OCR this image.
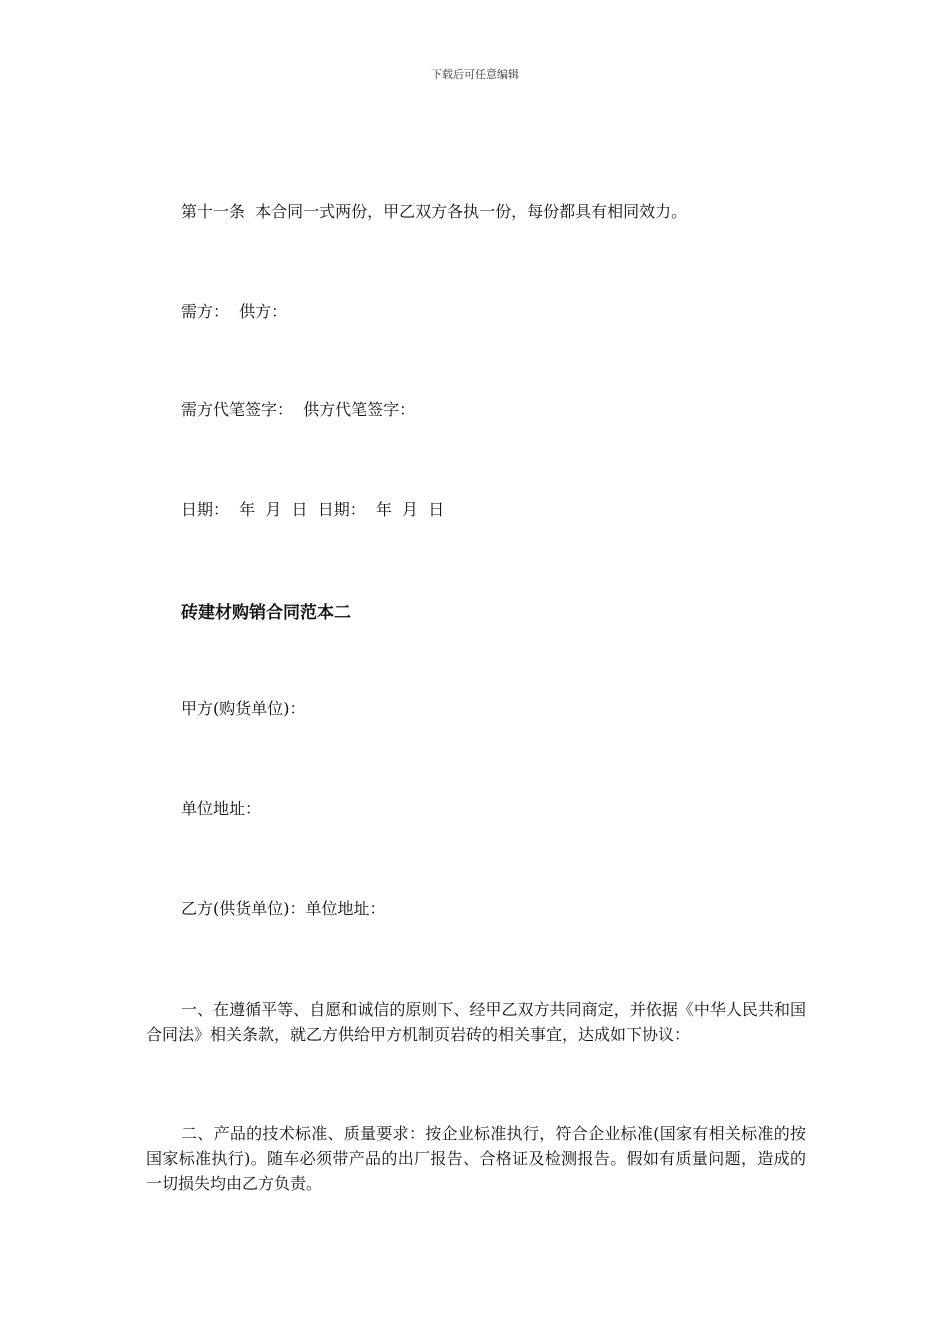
下载后可任意编辑
第十一条  本合同一式两份，甲乙双方各执一份，每份都具有相同效力。
需方：  供方：
需方代笔签字：  供方代笔签字：
日期：  年  月  日  日期：  年  月  日
砖建材购销合同范本二
甲方(购货单位)：
单位地址：
乙方(供货单位)：单位地址：
一、在遵循平等、自愿和诚信的原则下、经甲乙双方共同商定，并依据《中华人民共和国合同法》相关条款，就乙方供给甲方机制页岩砖的相关事宜，达成如下协议：
二、产品的技术标准、质量要求：按企业标准执行，符合企业标准(国家有相关标准的按国家标准执行)。随车必须带产品的出厂报告、合格证及检测报告。假如有质量问题，造成的一切损失均由乙方负责。
